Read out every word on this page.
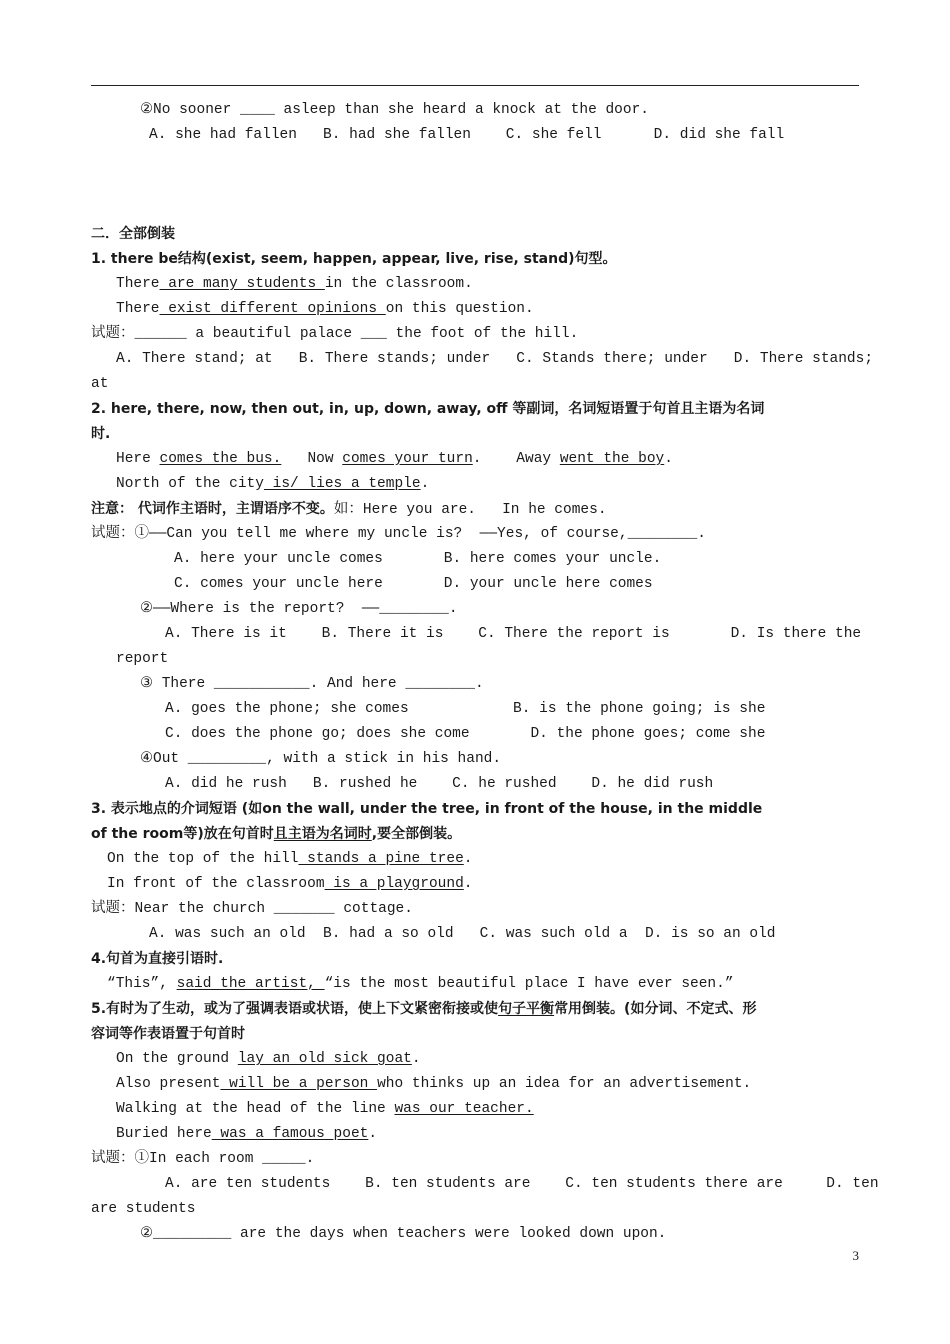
②No sooner ____ asleep than she heard a knock at the door.
A. she had fallen   B. had she fallen    C. she fell      D. did she fall
二．全部倒装
1. there be结构(exist, seem, happen, appear, live, rise, stand)句型。
There are many students in the classroom.
There exist different opinions on this question.
试题：______ a beautiful palace ___ the foot of the hill.
A. There stand; at   B. There stands; under   C. Stands there; under   D. There stands;
at
2. here, there, now, then out, in, up, down, away, off 等副词，名词短语置于句首且主语为名词
时.
Here comes the bus.   Now comes your turn.    Away went the boy.
North of the city is/ lies a temple.
注意： 代词作主语时，主谓语序不变。如：Here you are.   In he comes.
试题：①——Can you tell me where my uncle is?  ——Yes, of course,________.
A. here your uncle comes       B. here comes your uncle.
C. comes your uncle here       D. your uncle here comes
②——Where is the report?  ——________.
A. There is it    B. There it is    C. There the report is       D. Is there the
report
③ There ___________. And here ________.
A. goes the phone; she comes            B. is the phone going; is she
C. does the phone go; does she come       D. the phone goes; come she
④Out _________, with a stick in his hand.
A. did he rush   B. rushed he    C. he rushed    D. he did rush
3. 表示地点的介词短语 (如on the wall, under the tree, in front of the house, in the middle
of the room等)放在句首时且主语为名词时,要全部倒装。
On the top of the hill stands a pine tree.
In front of the classroom is a playground.
试题：Near the church _______ cottage.
A. was such an old  B. had a so old   C. was such old a  D. is so an old
4.句首为直接引语时.
“This”, said the artist, “is the most beautiful place I have ever seen.”
5.有时为了生动，或为了强调表语或状语，使上下文紧密衔接或使句子平衡常用倒装。(如分词、不定式、形
容词等作表语置于句首时
On the ground lay an old sick goat.
Also present will be a person who thinks up an idea for an advertisement.
Walking at the head of the line was our teacher.
Buried here was a famous poet.
试题：①In each room _____.
A. are ten students    B. ten students are    C. ten students there are     D. ten
are students
②_________ are the days when teachers were looked down upon.
3
